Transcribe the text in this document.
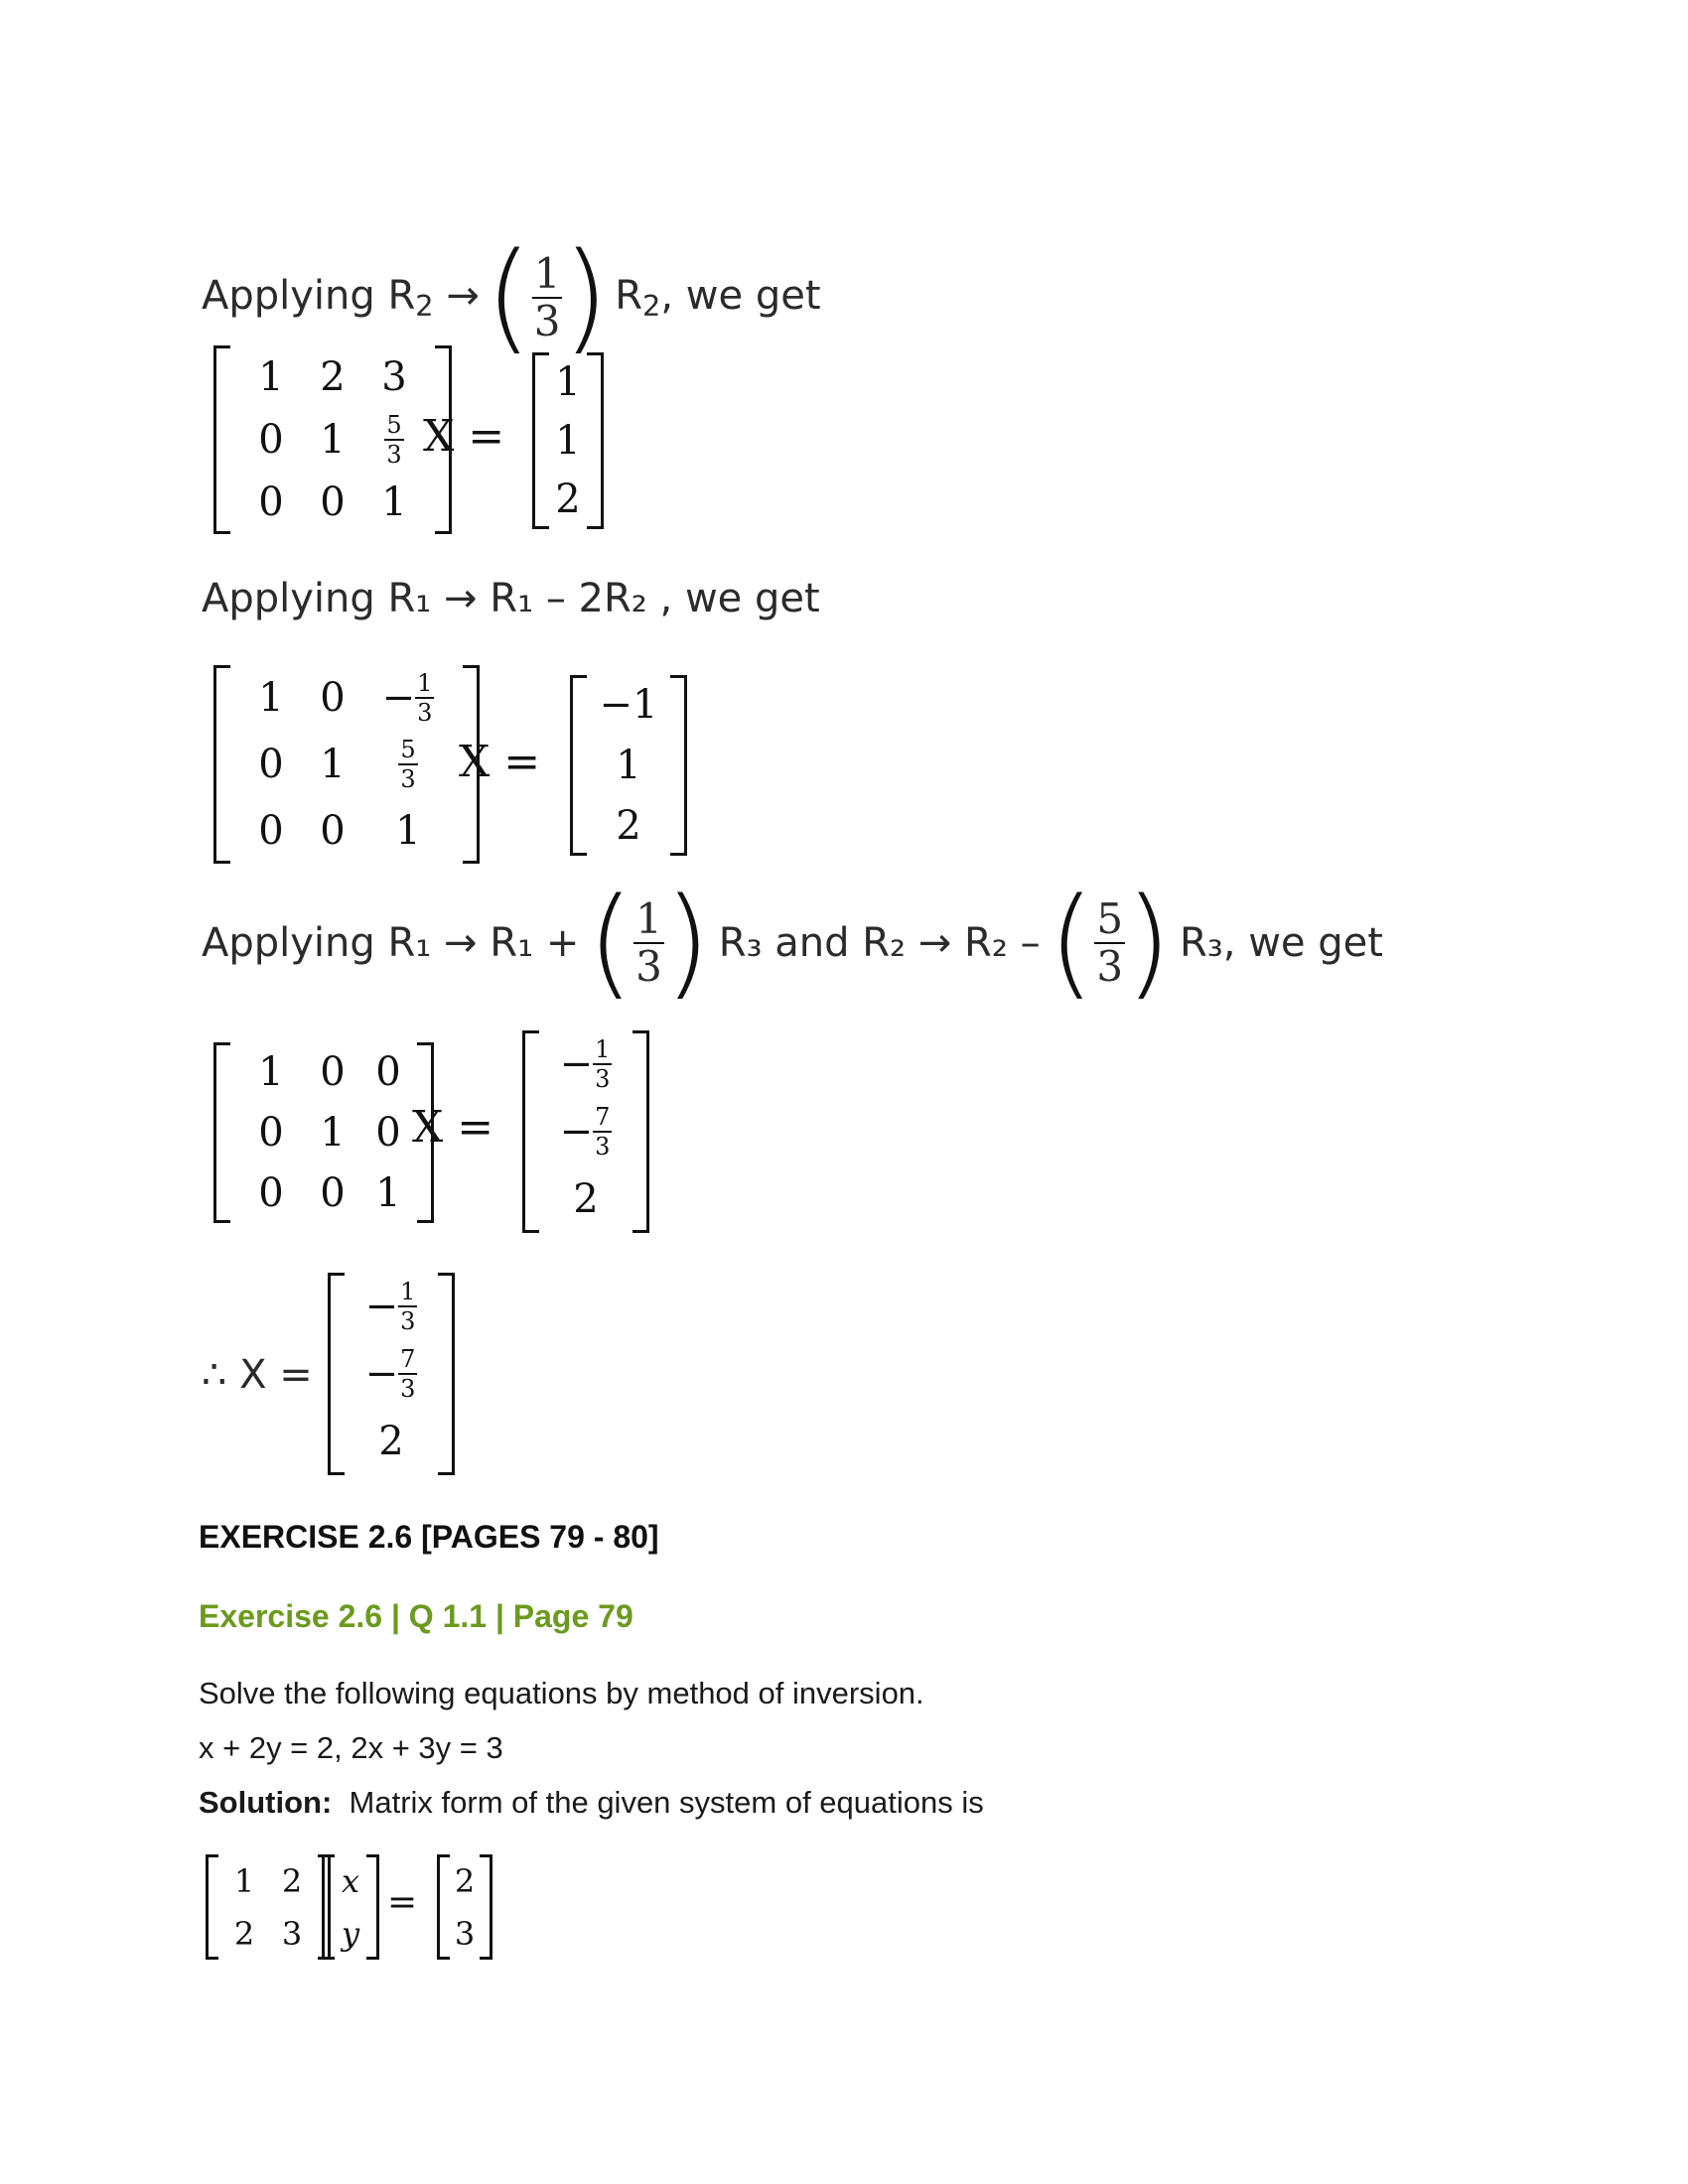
Applying $R_2$ → ( $\frac{1}{3}$ ) $R_2$, we get
1 2 3
0 $1 \frac{5}{3}$
0 0 1
X =
1
1
2
Applying R₁ → R₁ – 2R₂ , we get
1 $0 - \frac{1}{3}$
0 $1 \frac{5}{3}$
0 0 1
X =
−1
1
2
Applying R₁ → R₁ + ( $\frac{1}{3}$ ) R₃ and R₂ → R₂ – ( $\frac{5}{3}$ ) R₃, we get
1 0 0
0 1 0
0 0 1
X =
− $\frac{1}{3}$
− $\frac{7}{3}$
2
∴ X =
− $\frac{1}{3}$
− $\frac{7}{3}$
2
EXERCISE 2.6 [PAGES 79 - 80]
Exercise 2.6 | Q 1.1 | Page 79
Solve the following equations by method of inversion.
x + 2y = 2, 2x + 3y = 3
Solution: Matrix form of the given system of equations is
1 2
2 3
x
y
=
2
3
